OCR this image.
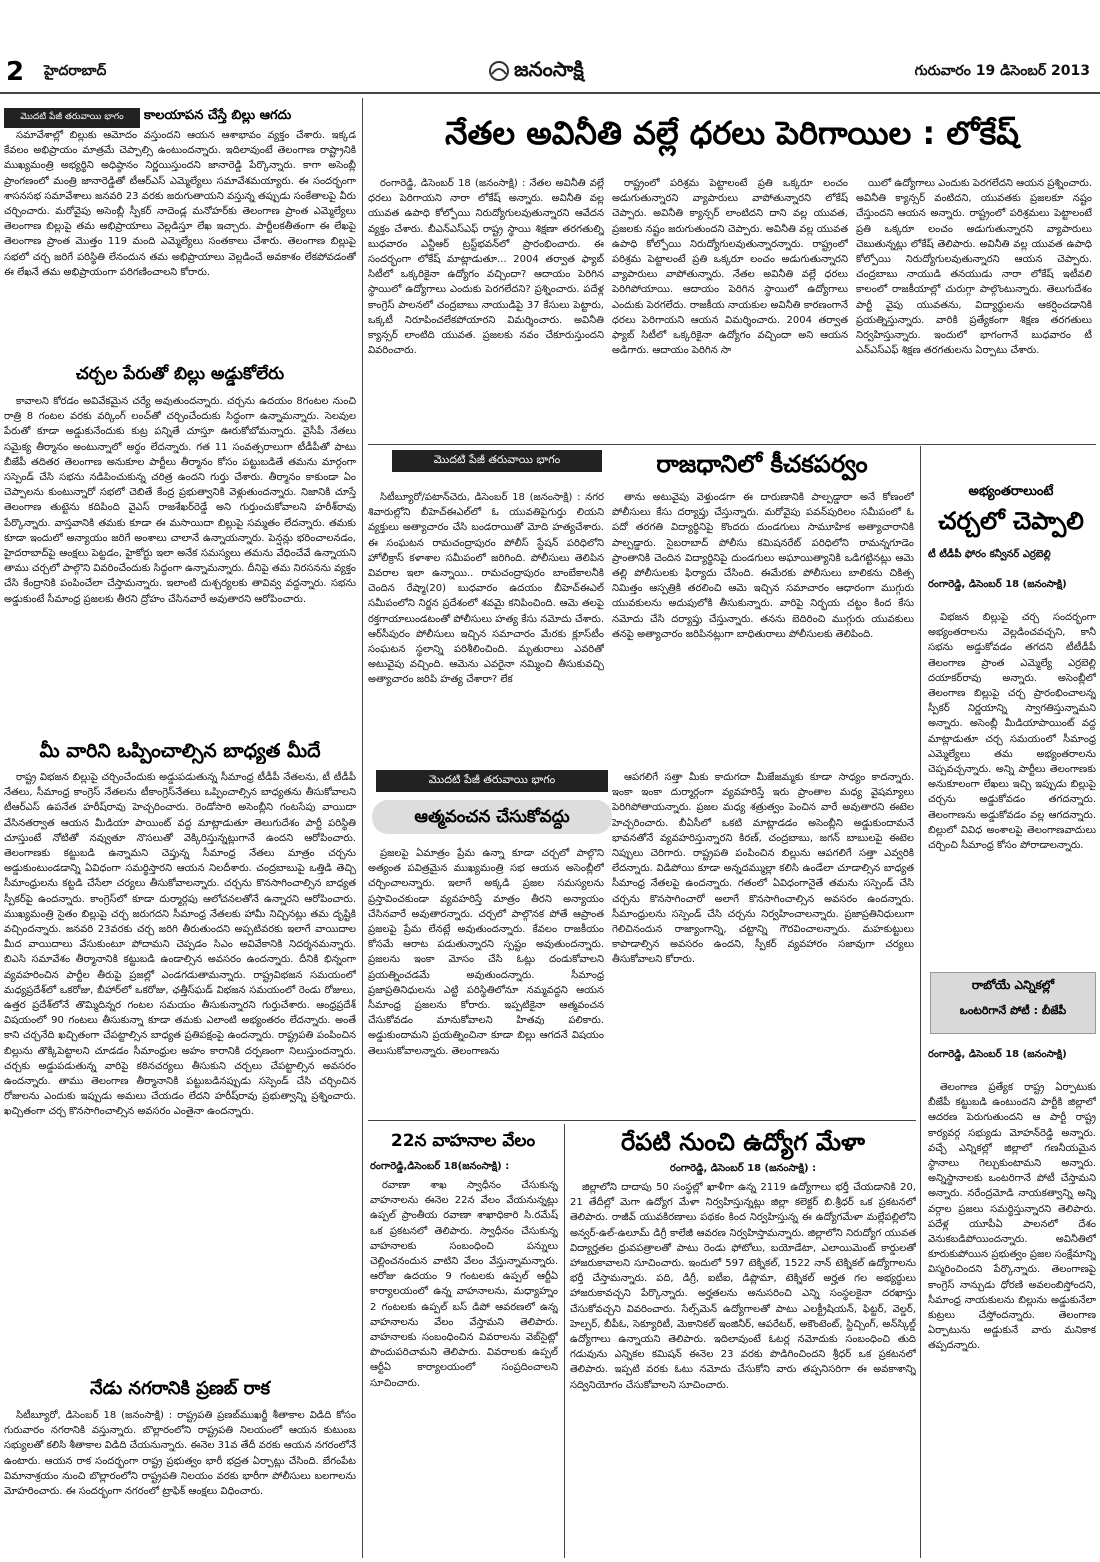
2 హైదరాబాద్	జనంసాక్షి	గురువారం 19 డిసెంబర్ 2013
మొదటి పేజీ తరువాయి భాగం	కాలయాపన చేస్తే బిల్లు ఆగదు

సమావేశాల్లో బిల్లుకు ఆమోదం వస్తుందని ఆయన ఆశాభావం వ్యక్తం చేశారు. ఇక్కడ కేవలం అభిప్రాయం మాత్రమే చెప్పాల్సి ఉంటుందన్నారు. ఇదిలావుంటే తెలంగాణ రాష్ట్రానికి ముఖ్యమంత్రి అభ్యర్థిని అధిష్ఠానం నిర్ణయిస్తుందని జానారెడ్డి పేర్కొన్నారు. కాగా అసెంబ్లీ ప్రాంగణంలో మంత్రి జానారెడ్డితో టీఆర్ఎస్ ఎమ్మెల్యేలు సమావేశమయ్యారు. ఈ సందర్భంగా శాసనసభ సమావేశాలు జనవరి 23 వరకు జరుగుతాయని వస్తున్న తప్పుడు సంకేతాలపై వీరు చర్చించారు. మరోవైపు అసెంబ్లీ స్పీకర్ నాదెండ్ల మనోహర్‌కు తెలంగాణ ప్రాంత ఎమ్మెల్యేలు తెలంగాణ బిల్లుపై తమ అభిప్రాయాలు వెల్లడిస్తూ లేఖ ఇచ్చారు. పార్టీలకతీతంగా ఈ లేఖపై తెలంగాణ ప్రాంత మొత్తం 119 మంది ఎమ్మెల్యేలు సంతకాలు చేశారు. తెలంగాణ బిల్లుపై సభలో చర్చ జరిగే పరిస్థితి లేనందున తమ అభిప్రాయాలు వెల్లడించే అవకాశం లేకపోవడంతో ఈ లేఖనే తమ అభిప్రాయంగా పరిగణించాలని కోరారు.

చర్చల పేరుతో బిల్లు అడ్డుకోలేరు

కావాలని కోరడం అవివేకమైన చర్యే అవుతుందన్నారు. చర్చను ఉదయం 8గంటల నుంచి రాత్రి 8 గంటల వరకు వర్కింగ్ లంచ్‌తో చర్చించేందుకు సిద్ధంగా ఉన్నామన్నారు. సెలవుల పేరుతో కూడా అడ్డుకునేందుకు కుట్ర పన్నితే చూస్తూ ఊరుకోబోమన్నారు. వైసీపీ నేతలు సమైక్య తీర్మానం అంటున్నాలో అర్థం లేదన్నారు. గత 11 సంవత్సరాలుగా టీడీపీతో పాటు బీజేపీ తదితర తెలంగాణ అనుకూల పార్టీలు తీర్మానం కోసం పట్టుబడితే తమను మార్గంగా సస్పెండ్ చేసి సభను నడిపించుకున్న చరిత్ర ఉందని గుర్తు చేశారు. తీర్మానం కాకుండా ఏం చెప్పాలను కుంటున్నారో సభలో చెబితే కేంద్ర ప్రభుత్వానికి వెళ్లుతుందన్నారు. నిజానికి చూస్తే తెలంగాణ తుట్టెను కదిపింది వైఎస్ రాజశేఖర్‌రెడ్డే అని గుర్తుంచుకోవాలని హరీశ్‌రావు పేర్కొన్నారు. వాస్తవానికి తమకు కూడా ఈ మసాయిదా బిల్లుపై సమ్మతం లేదన్నారు. తమకు కూడా ఇందులో అన్యాయం జరిగే అంశాలు చాలానే ఉన్నాయన్నారు. పెన్షన్లు భరించాలనడం, హైదరాబాద్‌పై ఆంక్షలు పెట్టడం, హైకోర్టు ఇలా అనేక సమస్యలు తమను వేధించేవే ఉన్నాయని తాము చర్చలో పాల్గొని వివరించేందుకు సిద్ధంగా ఉన్నామన్నారు. దీనిపై తమ నిరసనను వ్యక్తం చేసి కేంద్రానికి పంపించేలా చేస్తామన్నారు. ఇలాంటి దుశ్చర్యలకు తావివ్వ వద్దన్నారు. సభను అడ్డుకుంటే సీమాంధ్ర ప్రజలకు తీరని ద్రోహం చేసినవారే అవుతారని ఆరోపించారు.

మీ వారిని ఒప్పించాల్సిన బాధ్యత మీదే

రాష్ట్ర విభజన బిల్లుపై చర్చించేందుకు అడ్డుపడుతున్న సీమాంధ్ర టీడీపీ నేతలను, టీ టీడీపీ నేతలు, సీమాంధ్ర కాంగ్రెస్ నేతలను టీకాంగ్రెస్‌నేతలు ఒప్పించాల్సిన బాధ్యతను తీసుకోవాలని టీఆర్ఎస్ ఉపనేత హరీష్‌రావు హెచ్చరించారు. రెండోసారి అసెంబ్లీని గంటసేపు వాయిదా వేసినతర్వాత ఆయన మీడియా పాయింట్ వద్ద మాట్లాడుతూ తెలుగుదేశం పార్టీ పరిస్థితి చూస్తుంటే నోటితో నవ్వుతూ నొసలుతో వెక్కిరిస్తున్నట్లుగానే ఉందని ఆరోపించారు. తెలంగాణకు కట్టుబడి ఉన్నామని చెప్తున్న సీమాంధ్ర నేతలు మాత్రం చర్చను అడ్డుకుంటుండడాన్ని ఏవిధంగా సమర్థిస్తారని ఆయన నిలదీశారు. చంద్రబాబుపై ఒత్తిడి తెచ్చి సీమాంధ్రులను కట్టడి చేసేలా చర్యలు తీసుకోవాలన్నారు. చర్చను కొనసాగించాల్సిన బాధ్యత స్పీకర్‌పై ఉందన్నారు. కాంగ్రెస్‌లో కూడా దుర్మార్గపు ఆలోచనలతోనే ఉన్నారని ఆరోపించారు. ముఖ్యమంత్రి సైతం బిల్లుపై చర్చ జరుగదని సీమాంధ్ర నేతలకు హామీ నిచ్చినట్లు తమ దృష్టికి వచ్చిందన్నారు. జనవరి 23వరకు చర్చ జరిగి తీరుతుందని అప్పటివరకు ఇలాగే వాయిదాల మీద వాయిదాలు వేసుకుంటూ పోదామని చెప్పడం సిఎం అవివేకానికి నిదర్శనమన్నారు. బిఎసి సమావేశం తీర్మానానికి కట్టుబడి ఉండాల్సిన అవసరం ఉందన్నారు. దీనికి భిన్నంగా వ్యవహరించిన పార్టీల తీరుపై ప్రజల్లో ఎండగడుతామన్నారు. రాష్ట్రవిభజన సమయంలో మధ్యప్రదేశ్‌లో ఒకరోజు, బీహార్‌లో ఒకరోజు, ఛత్తీస్‌ఘడ్ విభజన సమయంలో రెండు రోజులు, ఉత్తర ప్రదేశ్‌లోనే తొమ్మిదిన్నర గంటల సమయం తీసుకున్నారని గుర్తుచేశారు. ఆంధ్రప్రదేశ్ విషయంలో 90 గంటలు తీసుకున్నా కూడా తమకు ఎలాంటి అభ్యంతరం లేదన్నారు. అంతే కాని చర్చనేది ఖచ్చితంగా చేపట్టాల్సిన బాధ్యత ప్రతిపక్షంపై ఉందన్నారు. రాష్ట్రపతి పంపించిన బిల్లును తొక్కిపెట్టాలని చూడడం సీమాంధ్రుల అహం కారానికి దర్పణంగా నిలుస్తుందన్నారు. చర్చకు అడ్డుపడుతున్న వారిపై కఠినచర్యలు తీసుకుని చర్చలు చేపట్టాల్సిన అవసరం ఉందన్నారు. తాము తెలంగాణ తీర్మానానికి పట్టుబడినప్పుడు సస్పెండ్ చేసి చర్చించిన రోజులను ఎందుకు ఇప్పుడు అమలు చేయడం లేదని హరీష్‌రావు ప్రభుత్వాన్ని ప్రశ్నించారు. ఖచ్చితంగా చర్చ కొనసాగించాల్సిన అవసరం ఎంతైనా ఉందన్నారు.

నేడు నగరానికి ప్రణబ్ రాక

సిటీబ్యూరో, డిసెంబర్ 18 (జనంసాక్షి) : రాష్ట్రపతి ప్రణబ్‌ముఖర్జీ శీతాకాల విడిది కోసం గురువారం నగరానికి వస్తున్నారు. బొల్లారంలోని రాష్ట్రపతి నిలయంలో ఆయన కుటుంబ సభ్యులతో కలిసి శీతాకాల విడిది చేయనున్నారు. ఈనెల 31వ తేదీ వరకు ఆయన నగరంలోనే ఉంటారు. ఆయన రాక సందర్భంగా రాష్ట్ర ప్రభుత్వం భారీ భద్రత ఏర్పాట్లు చేసింది. బేగంపేట విమానాశ్రయం నుంచి బొల్లారంలోని రాష్ట్రపతి నిలయం వరకు భారీగా పోలీసులు బలగాలను మోహరించారు. ఈ సందర్భంగా నగరంలో ట్రాఫిక్ ఆంక్షలు విధించారు.

నేతల అవినీతి వల్లే ధరలు పెరిగాయిల : లోకేష్

రంగారెడ్డి, డిసెంబర్ 18 (జనంసాక్షి) : నేతల అవినీతి వల్లే ధరలు పెరిగాయని నారా లోకేష్ అన్నారు. అవినీతి వల్ల యువత ఉపాధి కోల్పోయి నిరుద్యోగులవుతున్నారని ఆవేదన వ్యక్తం చేశారు. బీఎన్ఎస్ఎఫ్ రాష్ట్ర స్థాయి శిక్షణా తరగతుల్ని బుధవారం ఎన్టీఆర్ ట్రస్ట్‌భవన్‌లో ప్రారంభించారు. ఈ సందర్భంగా లోకేష్ మాట్లాడుతూ... 2004 తర్వాత ఫ్యాబ్ సిటీలో ఒక్కరికైనా ఉద్యోగం వచ్చిందా? ఆదాయం పెరిగిన స్థాయిలో ఉద్యోగాలు ఎందుకు పెరగలేదని? ప్రశ్నించారు. పదేళ్ల కాంగ్రెస్ పాలనలో చంద్రబాబు నాయుడిపై 37 కేసులు పెట్టారు, ఒక్కటీ నిరూపించలేకపోయారని విమర్శించారు. అవినీతి క్యాన్సర్ లాంటిది యువత. ప్రజలకు నవం చేకూరుస్తుందని వివరించారు.

రాష్ట్రంలో పరిశ్రమ పెట్టాలంటే ప్రతి ఒక్కరూ లంచం అడుగుతున్నారని వ్యాపారులు వాపోతున్నారని లోకేష్ చెప్పారు. అవినీతి క్యాన్సర్ లాంటిదని దాని వల్ల యువత, ప్రజలకు నష్టం జరుగుతుందని చెప్పారు. అవినీతి వల్ల యువత ఉపాధి కోల్పోయి నిరుద్యోగులవుతున్నారన్నారు. రాష్ట్రంలో పరిశ్రమ పెట్టాలంటే ప్రతి ఒక్కరూ లంచం అడుగుతున్నారని వ్యాపారులు వాపోతున్నారు. నేతల అవినీతి వల్లే ధరలు పెరిగిపోయాయి. ఆదాయం పెరిగిన స్థాయిలో ఉద్యోగాలు ఎందుకు పెరగలేదు. రాజకీయ నాయకుల అవినీతి కారణంగానే ధరలు పెరిగాయని ఆయన విమర్శించారు. 2004 తర్వాత ఫ్యాబ్ సిటీలో ఒక్కరికైనా ఉద్యోగం వచ్చిందా అని ఆయన అడిగారు. ఆదాయం పెరిగిన సా

యిలో ఉద్యోగాలు ఎందుకు పెరగలేదని ఆయన ప్రశ్నించారు. అవినీతి క్యాన్సర్ వంటిదని, యువతకు ప్రజలకూ నష్టం చేస్తుందని ఆయన అన్నారు. రాష్ట్రంలో పరిశ్రమలు పెట్టాలంటే ప్రతి ఒక్కరూ లంచం అడుగుతున్నారని వ్యాపారులు చెబుతున్నట్లు లోకేష్ తెలిపారు. అవినీతి వల్ల యువత ఉపాధి కోల్పోయి నిరుద్యోగులవుతున్నారని ఆయన చెప్పారు. చంద్రబాబు నాయుడి తనయుడు నారా లోకేష్ ఇటీవలి కాలంలో రాజకీయాల్లో చురుగ్గా పాల్గొంటున్నారు. తెలుగుదేశం పార్టీ వైపు యువతను, విద్యార్థులను ఆకర్షించడానికి ప్రయత్నిస్తున్నారు. వారికి ప్రత్యేకంగా శిక్షణ తరగతులు నిర్వహిస్తున్నారు. ఇందులో భాగంగానే బుధవారం టీ ఎన్ఎస్ఎఫ్ శిక్షణ తరగతులను ఏర్పాటు చేశారు.

మొదటి పేజీ తరువాయి భాగం	రాజధానిలో కీచకపర్వం

సిటీబ్యూరో/పటాన్‌చెరు, డిసెంబర్ 18 (జనంసాక్షి) : నగర శివారుల్లోని బీహెచ్ఈఎల్‌లో ఓ యువతిపైగుర్తు లియని వ్యక్తులు అత్యాచారం చేసి బండరాయితో మోది హత్యచేశారు. ఈ సంఘటన రామచంద్రాపురం పోలీస్ స్టేషన్ పరిధిలోని హోలీక్రాస్ కళాశాల సమీపంలో జరిగింది. పోలీసులు తెలిపిన వివరాల ఇలా ఉన్నాయి.. రామచంద్రాపురం బాంబేకాలనీకి చెందిన రేష్మా(20) బుధవారం ఉదయం బీహెచ్ఈఎల్ సమీపంలోని నిర్జన ప్రదేశంలో శవమై కనిపించింది. ఆమె తలపై రక్తగాయాలుండటంతో పోలీసులు హత్య కేసు నమోదు చేశారు. ఆర్‌సీపురం పోలీసులు ఇచ్చిన సమాచారం మేరకు క్లూస్‌టీం సంఘటన స్థలాన్ని పరిశీలించింది. మృతురాలు ఎవరితో అటువైపు వచ్చింది. ఆమెను ఎవరైనా నమ్మించి తీసుకువచ్చి అత్యాచారం జరిపి హత్య చేశారా? లేక

తాను అటువైపు వెళ్తుండగా ఈ దారుణానికి పాల్పడ్డారా అనే కోణంలో పోలీసులు కేసు దర్యాప్తు చేస్తున్నారు. మరోవైపు పవన్‌పురిలం సమీపంలో ఓ పదో తరగతి విద్యార్థినిపై కొందరు దుండగులు సామూహిక అత్యాచారానికి పాల్పడ్డారు. సైబరాబాద్ పోలీసు కమిషనరేట్ పరిధిలోని రామన్నగూడెం ప్రాంతానికి చెందిన విద్యార్థినిపై దుండగులు అఘాయిత్యానికి ఒడిగట్టినట్లు ఆమె తల్లి పోలీసులకు ఫిర్యాదు చేసింది. ఈమేరకు పోలీసులు బాలికను చికిత్స నిమిత్తం ఆస్పత్రికి తరలించి ఆమె ఇచ్చిన సమాచారం ఆధారంగా ముగ్గురు యువకులను అదుపులోకి తీసుకున్నారు. వారిపై నిర్భయ చట్టం కింద కేసు నమోదు చేసి దర్యాప్తు చేస్తున్నారు. తనను బెదిరించి ముగ్గురు యువకులు తనపై అత్యాచారం జరిపినట్లుగా బాధితురాలు పోలీసులకు తెలిపింది.

అభ్యంతరాలుంటే
చర్చలో చెప్పాలి
టీ టీడీపీ ఫోరం కన్వీనర్ ఎర్రబెల్లి
రంగారెడ్డి, డిసెంబర్ 18 (జనంసాక్షి)

విభజన బిల్లుపై చర్చ సందర్భంగా అభ్యంతరాలను వెల్లడించవచ్చని, కానీ సభను అడ్డుకోవడం తగదని టీటీడీపీ తెలంగాణ ప్రాంత ఎమ్మెల్యే ఎర్రబెల్లి దయాకర్‌రావు అన్నారు. అసెంబ్లీలో తెలంగాణ బిల్లుపై చర్చ ప్రారంభించాలన్న స్పీకర్ నిర్ణయాన్ని స్వాగతిస్తున్నామని అన్నారు. అసెంబ్లీ మీడియాపాయింట్ వద్ద మాట్లాడుతూ చర్చ సమయంలో సీమాంధ్ర ఎమ్మెల్యేలు తమ అభ్యంతరాలను చెప్పవచ్చన్నారు. అన్ని పార్టీలు తెలంగాణకు అనుకూలంగా లేఖలు ఇచ్చి ఇప్పుడు బిల్లుపై చర్చను అడ్డుకోవడం తగదన్నారు. తెలంగాణను అడ్డుకోవడం వల్ల ఆగదన్నారు. బిల్లులో వివిధ అంశాలపై తెలంగాణవాదులు చర్చించి సీమాంధ్ర కోసం పోరాడాలన్నారు.

రాబోయే ఎన్నికల్లో
ఒంటరిగానే పోటీ : బీజేపీ
రంగారెడ్డి, డిసెంబర్ 18 (జనంసాక్షి)

తెలంగాణ ప్రత్యేక రాష్ట్ర ఏర్పాటుకు బీజేపీ కట్టుబడి ఉంటుందని పార్టీకి జిల్లాలో ఆదరణ పెరుగుతుందని ఆ పార్టీ రాష్ట్ర కార్యవర్గ సభ్యుడు మోహన్‌రెడ్డి అన్నారు. వచ్చే ఎన్నికల్లో జిల్లాలో గణనీయమైన స్థానాలు గెల్చుకుంటామని అన్నారు. అన్నిస్థానాలకు ఒంటరిగానే పోటీ చేస్తామని అన్నారు. నరేంద్రమోడి నాయకత్వాన్ని అన్ని వర్గాల ప్రజలు సమర్థిస్తున్నారని తెలిపారు. పదేళ్ల యూపీఏ పాలనలో దేశం వెనుకబడిపోయిందన్నారు. అవినీతిలో కూరుకుపోయిన ప్రభుత్వం ప్రజల సంక్షేమాన్ని విస్మరించిందని పేర్కొన్నారు. తెలంగాణపై కాంగ్రెస్ నాన్చుడు ధోరణి అవలంబిస్తోందని, సీమాంధ్ర నాయకులను బిల్లును అడ్డుకునేలా కుట్రలు చేస్తోందన్నారు. తెలంగాణ ఏర్పాటును అడ్డుకునే వారు మనికాక తప్పదన్నారు.

మొదటి పేజీ తరువాయి భాగం
ఆత్మవంచన చేసుకోవద్దు

ప్రజలపై ఏమాత్రం ప్రేమ ఉన్నా కూడా చర్చలో పాల్గొని అత్యంత పవిత్రమైన ముఖ్యమంత్రి సభ ఆయన అసెంబ్లీలో చర్చించాలన్నారు. ఇలాగే అక్కడి ప్రజల సమస్యలను ప్రస్తావించకుండా వ్యవహరిస్తే మాత్రం తీరని అన్యాయం చేసినవారే అవుతారన్నారు. చర్చలో పాల్గొనక పోతే ఆప్రాంత ప్రజలపై ప్రేమ లేనట్లే అవుతుందన్నారు. కేవలం రాజకీయం కోసమే ఆరాట పడుతున్నారని స్పష్టం అవుతుందన్నారు. ప్రజలను ఇంకా మోసం చేసి ఓట్లు దండుకోవాలని ప్రయత్నించడమే అవుతుందన్నారు. సీమాంధ్ర ప్రజాప్రతినిధులను ఎట్టి పరిస్థితిలోనూ నమ్మవద్దని ఆయన సీమాంధ్ర ప్రజలను కోరారు. ఇప్పటికైనా ఆత్మవంచన చేసుకోవడం మానుకోవాలని హితవు పలికారు. అడ్డుకుందామని ప్రయత్నించినా కూడా బిల్లు ఆగదనే విషయం తెలుసుకోవాలన్నారు. తెలంగాణను

ఆపగలిగే సత్తా మీకు కాదుగదా మీజేజమ్మకు కూడా సాధ్యం కాదన్నారు. ఇంకా ఇంకా దుర్మార్గంగా వ్యవహరిస్తే ఇరు ప్రాంతాల మధ్య వైషమ్యాలు పెరిగిపోతాయన్నారు. ప్రజల మధ్య శత్రుత్వం పెంచిన వారే అవుతారని ఈటెల హెచ్చరించారు. బీఏసీలో ఒకటి మాట్లాడడం అసెంబ్లీని అడ్డుకుందామనే భావనతోనే వ్యవహరిస్తున్నారని కిరణ్, చంద్రబాబు, జగన్ బాబులపై ఈటెల నిప్పులు చెరిగారు. రాష్ట్రపతి పంపించిన బిల్లును ఆపగలిగే సత్తా ఎవ్వరికి లేదన్నారు. విడిపోయి కూడా అన్నదమ్ముల్లా కలిసి ఉండేలా చూడాల్సిన బాధ్యత సీమాంధ్ర నేతలపై ఉందన్నారు. గతంలో ఏవిధంగానైతే తమను సస్పెండ్ చేసి చర్చను కొనసాగించారో అలాగే కొనసాగించాల్సిన అవసరం ఉందన్నారు. సీమాంధ్రులను సస్పెండ్ చేసి చర్చను నిర్వహించాలన్నారు. ప్రజాప్రతినిధులుగా గెలిచినందున రాజ్యాంగాన్ని, చట్టాన్ని గౌరవించాలన్నారు. మహకుట్టులు కాపాడాల్సిన అవసరం ఉందని, స్పీకర్ వ్యవహారం సజావుగా చర్యలు తీసుకోవాలని కోరారు.

22న వాహనాల వేలం
రంగారెడ్డి,డిసెంబర్ 18(జనంసాక్షి) :

రవాణా శాఖ స్వాధీనం చేసుకున్న వాహనాలను ఈనెల 22న వేలం వేయనున్నట్లు ఉప్పల్ ప్రాంతీయ రవాణా శాఖాధికారి సి.రమేష్ ఒక ప్రకటనలో తెలిపారు. స్వాధీనం చేసుకున్న వాహనాలకు సంబంధించి పన్నులు చెల్లించనందున వాటిని వేలం వేస్తున్నామన్నారు. ఆరోజు ఉదయం 9 గంటలకు ఉప్పల్ ఆర్టీఏ కార్యాలయంలో ఉన్న వాహనాలను, మధ్యాహ్నం 2 గంటలకు ఉప్పల్ బస్ డిపో ఆవరణలో ఉన్న వాహనాలను వేలం వేస్తామని తెలిపారు. వాహనాలకు సంబంధించిన వివరాలను వెబ్‌సైట్లో పొందుపరిచామని తెలిపారు. వివరాలకు ఉప్పల్ ఆర్టీఏ కార్యాలయంలో సంప్రదించాలని సూచించారు.

రేపటి నుంచి ఉద్యోగ మేళా
రంగారెడ్డి, డిసెంబర్ 18 (జనంసాక్షి) :

జిల్లాలోని దాదాపు 50 సంస్థల్లో ఖాళీగా ఉన్న 2119 ఉద్యోగాలు భర్తీ చేయడానికి 20, 21 తేదీల్లో మెగా ఉద్యోగ మేళా నిర్వహిస్తున్నట్లు జిల్లా కలెక్టర్ బి.శ్రీధర్ ఒక ప్రకటనలో తెలిపారు. రాజీవ్ యువకిరణాలు పథకం కింద నిర్వహిస్తున్న ఈ ఉద్యోగమేళా మల్లేపల్లిలోని అన్వర్-ఉల్-ఉలూమ్ డిగ్రీ కాలేజీ ఆవరణ నిర్వహిస్తామన్నారు. జిల్లాలోని నిరుద్యోగ యువత విద్యార్హతల ధ్రువపత్రాలతో పాటు రెండు ఫోటోలు, బయోడేటా, ఎలాయిమెంట్ కార్డులతో హాజరుకావాలని సూచించారు. ఇందులో 597 టెక్నికల్, 1522 నాన్ టెక్నికల్ ఉద్యోగాలను భర్తీ చేస్తామన్నారు. పది, డిగ్రీ, ఐటీఐ, డిప్లొమా, టెక్నికల్ అర్హత గల అభ్యర్థులు హాజరుకావచ్చని పేర్కొన్నారు. అర్హతలను అనుసరించి ఎన్ని సంస్థలకైనా దరఖాస్తు చేసుకోవచ్చని వివరించారు. సేల్స్‌మెన్ ఉద్యోగాలతో పాటు ఎలక్ట్రీషియన్, ఫిట్టర్, వెల్డర్, హెల్పర్, బీపీఓ, సెక్యూరిటీ, మెకానికల్ ఇంజినీర్, ఆపరేటర్, అకౌంటెంట్, స్టిచ్చింగ్, అన్‌స్కిల్డ్ ఉద్యోగాలు ఉన్నాయని తెలిపారు. ఇదిలావుంటే ఓటర్ల నమోదుకు సంబంధించి తుది గడువును ఎన్నికల కమిషన్ ఈనెల 23 వరకు పొడిగించిందని శ్రీధర్ ఒక ప్రకటనలో తెలిపారు. ఇప్పటి వరకు ఓటు నమోదు చేసుకోని వారు తప్పనిసరిగా ఈ అవకాశాన్ని సద్వినియోగం చేసుకోవాలని సూచించారు.
